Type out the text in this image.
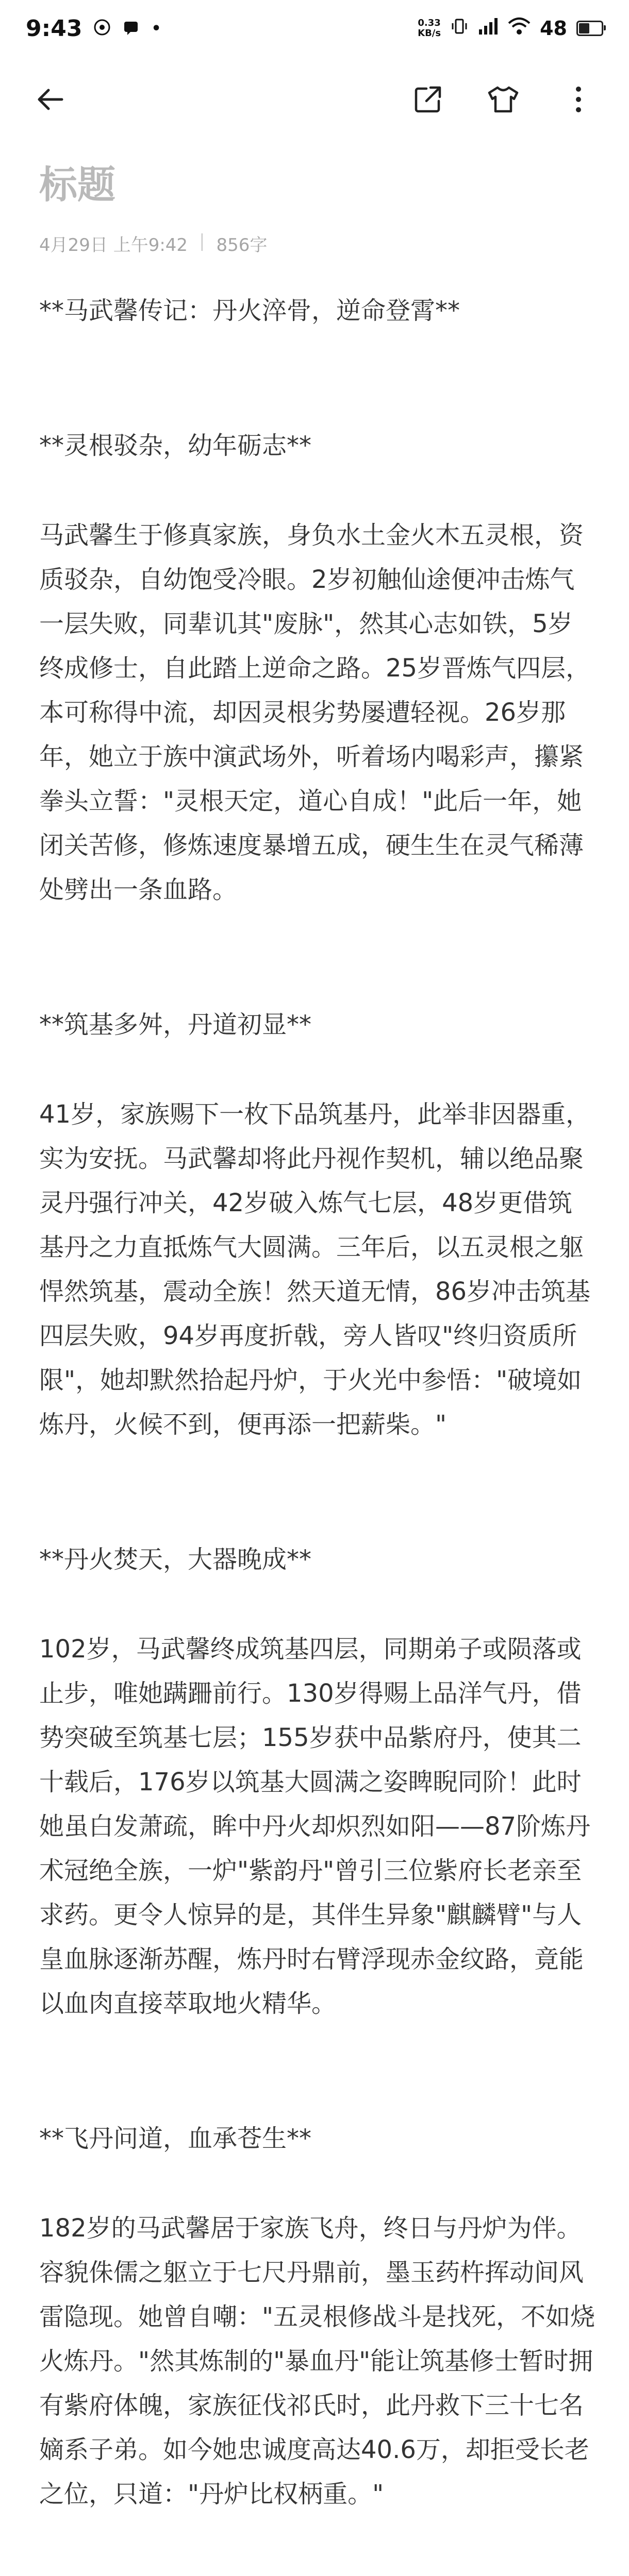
9:43	•	0.33
KB/s	48
标题
4月29日 上午9:42 | 856字

**马武馨传记：丹火淬骨，逆命登霄**

**灵根驳杂，幼年砺志**

马武馨生于修真家族，身负水土金火木五灵根，资质驳杂，自幼饱受冷眼。2岁初触仙途便冲击炼气一层失败，同辈讥其"废脉"，然其心志如铁，5岁终成修士，自此踏上逆命之路。25岁晋炼气四层，本可称得中流，却因灵根劣势屡遭轻视。26岁那年，她立于族中演武场外，听着场内喝彩声，攥紧拳头立誓："灵根天定，道心自成！"此后一年，她闭关苦修，修炼速度暴增五成，硬生生在灵气稀薄处劈出一条血路。

**筑基多舛，丹道初显**

41岁，家族赐下一枚下品筑基丹，此举非因器重，实为安抚。马武馨却将此丹视作契机，辅以绝品聚灵丹强行冲关，42岁破入炼气七层，48岁更借筑基丹之力直抵炼气大圆满。三年后，以五灵根之躯悍然筑基，震动全族！然天道无情，86岁冲击筑基四层失败，94岁再度折戟，旁人皆叹"终归资质所限"，她却默然拾起丹炉，于火光中参悟："破境如炼丹，火候不到，便再添一把薪柴。"

**丹火焚天，大器晚成**

102岁，马武馨终成筑基四层，同期弟子或陨落或止步，唯她蹒跚前行。130岁得赐上品洋气丹，借势突破至筑基七层；155岁获中品紫府丹，使其二十载后，176岁以筑基大圆满之姿睥睨同阶！此时她虽白发萧疏，眸中丹火却炽烈如阳——87阶炼丹术冠绝全族，一炉"紫韵丹"曾引三位紫府长老亲至求药。更令人惊异的是，其伴生异象"麒麟臂"与人皇血脉逐渐苏醒，炼丹时右臂浮现赤金纹路，竟能以血肉直接萃取地火精华。

**飞丹问道，血承苍生**

182岁的马武馨居于家族飞舟，终日与丹炉为伴。容貌侏儒之躯立于七尺丹鼎前，墨玉药杵挥动间风雷隐现。她曾自嘲："五灵根修战斗是找死，不如烧火炼丹。"然其炼制的"暴血丹"能让筑基修士暂时拥有紫府体魄，家族征伐祁氏时，此丹救下三十七名嫡系子弟。如今她忠诚度高达40.6万，却拒受长老之位，只道："丹炉比权柄重。"
